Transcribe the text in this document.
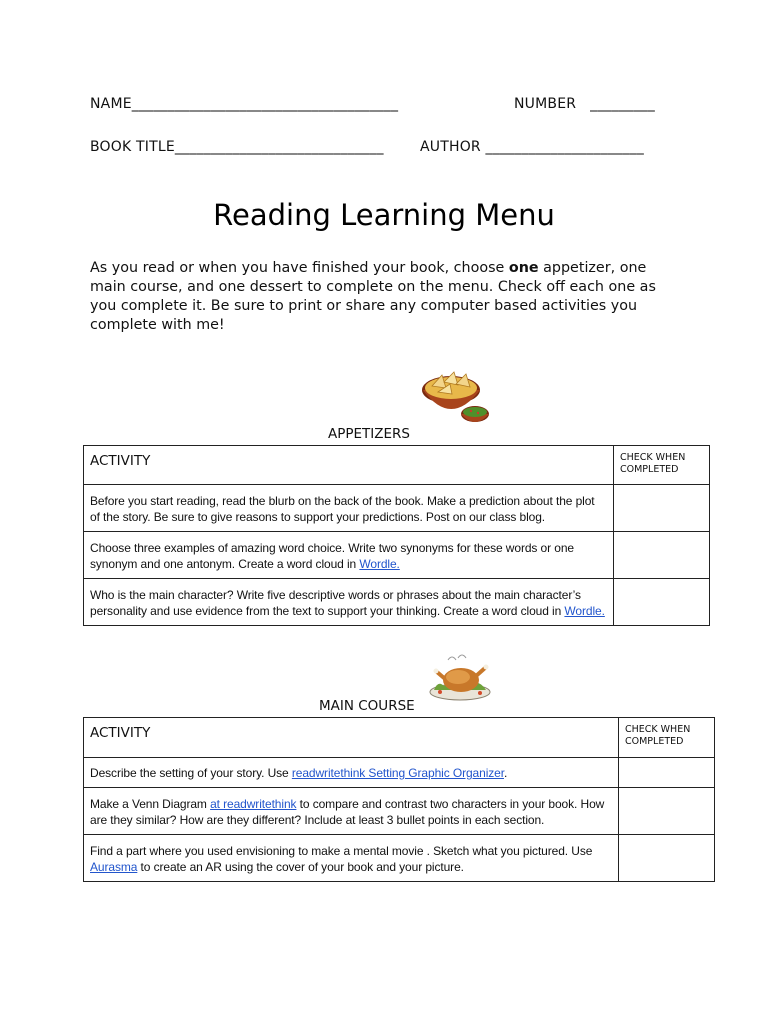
NAME_____________________________________	NUMBER   _________
BOOK TITLE_____________________________	AUTHOR ______________________
Reading Learning Menu
As you read or when you have finished your book, choose one appetizer, one main course, and one dessert to complete on the menu. Check off each one as you complete it. Be sure to print or share any computer based activities you complete with me!
APPETIZERS
ACTIVITY	CHECK WHEN COMPLETED
Before you start reading, read the blurb on the back of the book. Make a prediction about the plot of the story. Be sure to give reasons to support your predictions. Post on our class blog.	
Choose three examples of amazing word choice. Write two synonyms for these words or one synonym and one antonym. Create a word cloud in Wordle.	
Who is the main character? Write five descriptive words or phrases about the main character’s personality and use evidence from the text to support your thinking. Create a word cloud in Wordle.	
MAIN COURSE
ACTIVITY	CHECK WHEN COMPLETED
Describe the setting of your story. Use readwritethink Setting Graphic Organizer.	
Make a Venn Diagram at readwritethink to compare and contrast two characters in your book. How are they similar? How are they different? Include at least 3 bullet points in each section.	
Find a part where you used envisioning to make a mental movie . Sketch what you pictured. Use Aurasma to create an AR using the cover of your book and your picture.	
